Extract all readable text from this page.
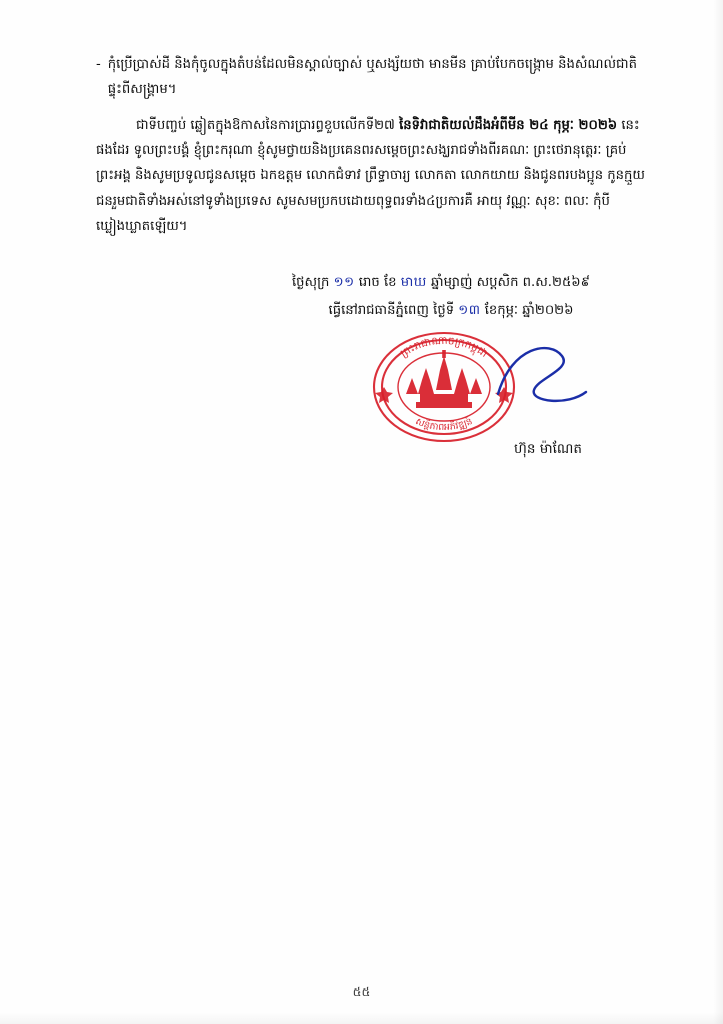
- កុំប្រើប្រាស់ដី និងកុំចូលក្នុងតំបន់ដែលមិនស្គាល់ច្បាស់ ឬសង្ស័យថា មានមីន គ្រាប់បែកចង្រ្កោម និងសំណល់ជាតិផ្ទុះពីសង្គ្រាម។
ជាទីបញ្ចប់ ឆ្លៀតក្នុងឱកាសនៃការប្រារព្ធខួបលើកទី២៧ នៃទិវាជាតិយល់ដឹងអំពីមីន ២៤ កុម្ភៈ ២០២៦ នេះផងដែរ ទូលព្រះបង្គំ ខ្ញុំព្រះករុណា ខ្ញុំសូមថ្វាយនិងប្រគេនពរសម្តេចព្រះសង្ឃរាជទាំងពីរគណៈ ព្រះថេរានុត្តេរៈ គ្រប់ព្រះអង្គ និងសូមប្រទូលជូនសម្តេច ឯកឧត្តម លោកជំទាវ ព្រឹទ្ធាចារ្យ លោកតា លោកយាយ និងជូនពរបងប្អូន កូនក្មួយ ជនរួមជាតិទាំងអស់នៅទូទាំងប្រទេស សូមសមប្រកបដោយពុទ្ធពរទាំង៤ប្រការគឺ អាយុ វណ្ណៈ សុខៈ ពលៈ កុំបីឃ្លៀងឃ្លាតឡើយ។
ថ្ងៃសុក្រ ១១ រោច ខែ មាឃ ឆ្នាំម្សាញ់ សប្តសិក ព.ស.២៥៦៩
ធ្វើនៅរាជធានីភ្នំពេញ ថ្ងៃទី ១៣ ខែកុម្ភៈ ឆ្នាំ២០២៦
ព្រះរាជាណាចក្រកម្ពុជា
សន្តិភាពអភិវឌ្ឍន៍
ហ៊ុន ម៉ាណែត
៥៥
